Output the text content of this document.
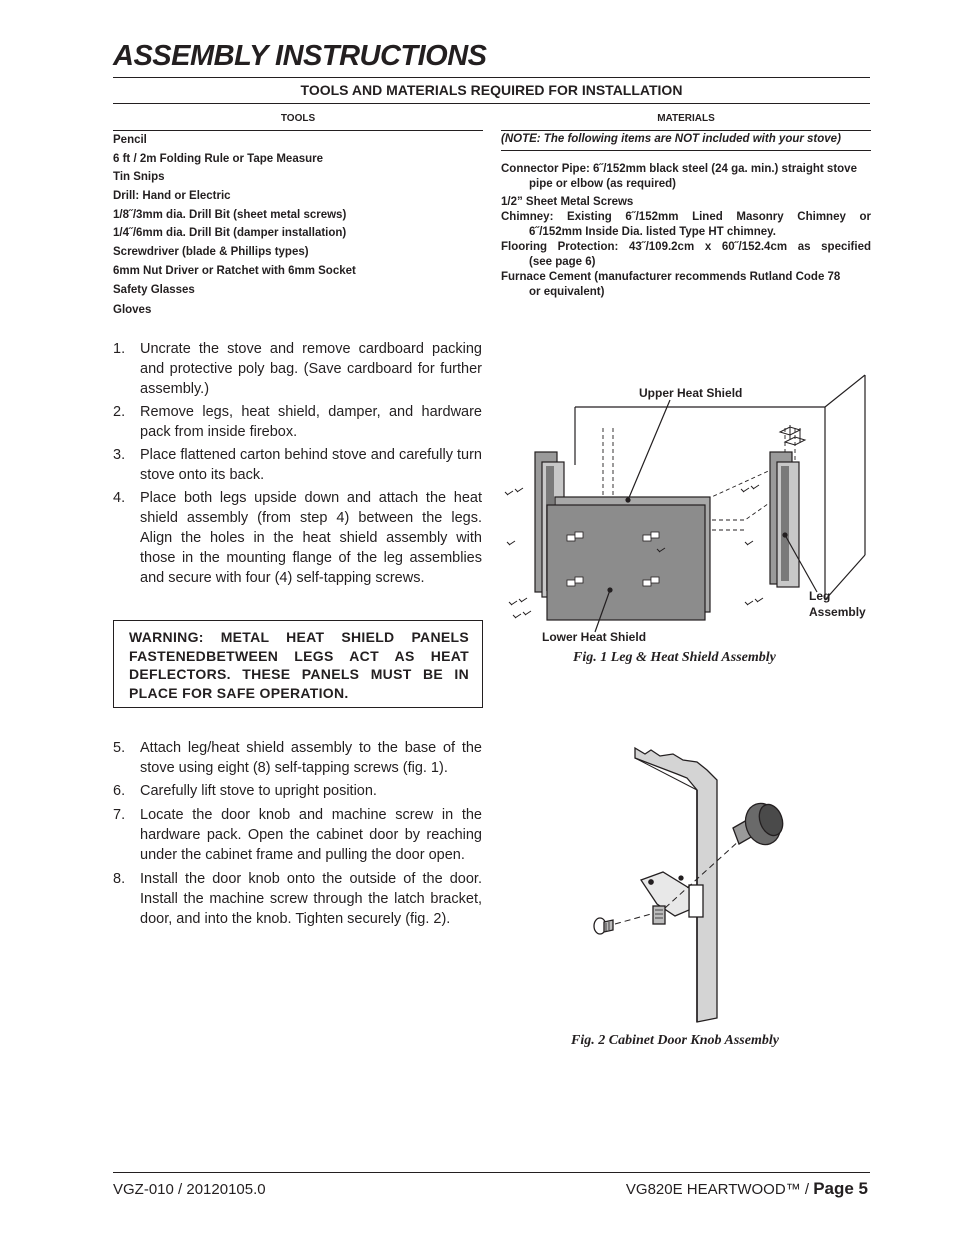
ASSEMBLY INSTRUCTIONS
TOOLS AND MATERIALS REQUIRED FOR INSTALLATION
TOOLS
Pencil
6 ft / 2m Folding Rule or Tape Measure
Tin Snips
Drill: Hand or Electric
1/8˝/3mm dia. Drill Bit (sheet metal screws)
1/4˝/6mm dia. Drill Bit (damper installation)
Screwdriver (blade & Phillips types)
6mm Nut Driver or Ratchet with 6mm Socket
Safety Glasses
Gloves
MATERIALS
(NOTE: The following items are NOT included with your stove)
Connector Pipe: 6˝/152mm black steel (24 ga. min.) straight stove
pipe or elbow (as required)
1/2” Sheet Metal Screws
Chimney: Existing 6˝/152mm Lined Masonry Chimney or
6˝/152mm Inside Dia. listed Type HT chimney.
Flooring Protection: 43˝/109.2cm x 60˝/152.4cm as specified
(see page 6)
Furnace Cement (manufacturer recommends Rutland Code 78
or equivalent)
1. Uncrate the stove and remove cardboard packing and protective poly bag. (Save cardboard for further assembly.)
2. Remove legs, heat shield, damper, and hardware pack from inside firebox.
3. Place flattened carton behind stove and carefully turn stove onto its back.
4. Place both legs upside down and attach the heat shield assembly (from step 4) between the legs. Align the holes in the heat shield assembly with those in the mounting flange of the leg assemblies and secure with four (4) self-tapping screws.
WARNING: METAL HEAT SHIELD PANELS FASTENEDBETWEEN LEGS ACT AS HEAT DEFLECTORS. THESE PANELS MUST BE IN PLACE FOR SAFE OPERATION.
5. Attach leg/heat shield assembly to the base of the stove using eight (8) self-tapping screws (fig. 1).
6. Carefully lift stove to upright position.
7. Locate the door knob and machine screw in the hardware pack. Open the cabinet door by reaching under the cabinet frame and pulling the door open.
8. Install the door knob onto the outside of the door. Install the machine screw through the latch bracket, door, and into the knob. Tighten securely (fig. 2).
Upper Heat Shield
Lower Heat Shield
Leg
Assembly
Fig. 1 Leg & Heat Shield Assembly
Fig. 2 Cabinet Door Knob Assembly
VGZ-010 / 20120105.0	VG820E HEARTWOOD™ / Page 5
